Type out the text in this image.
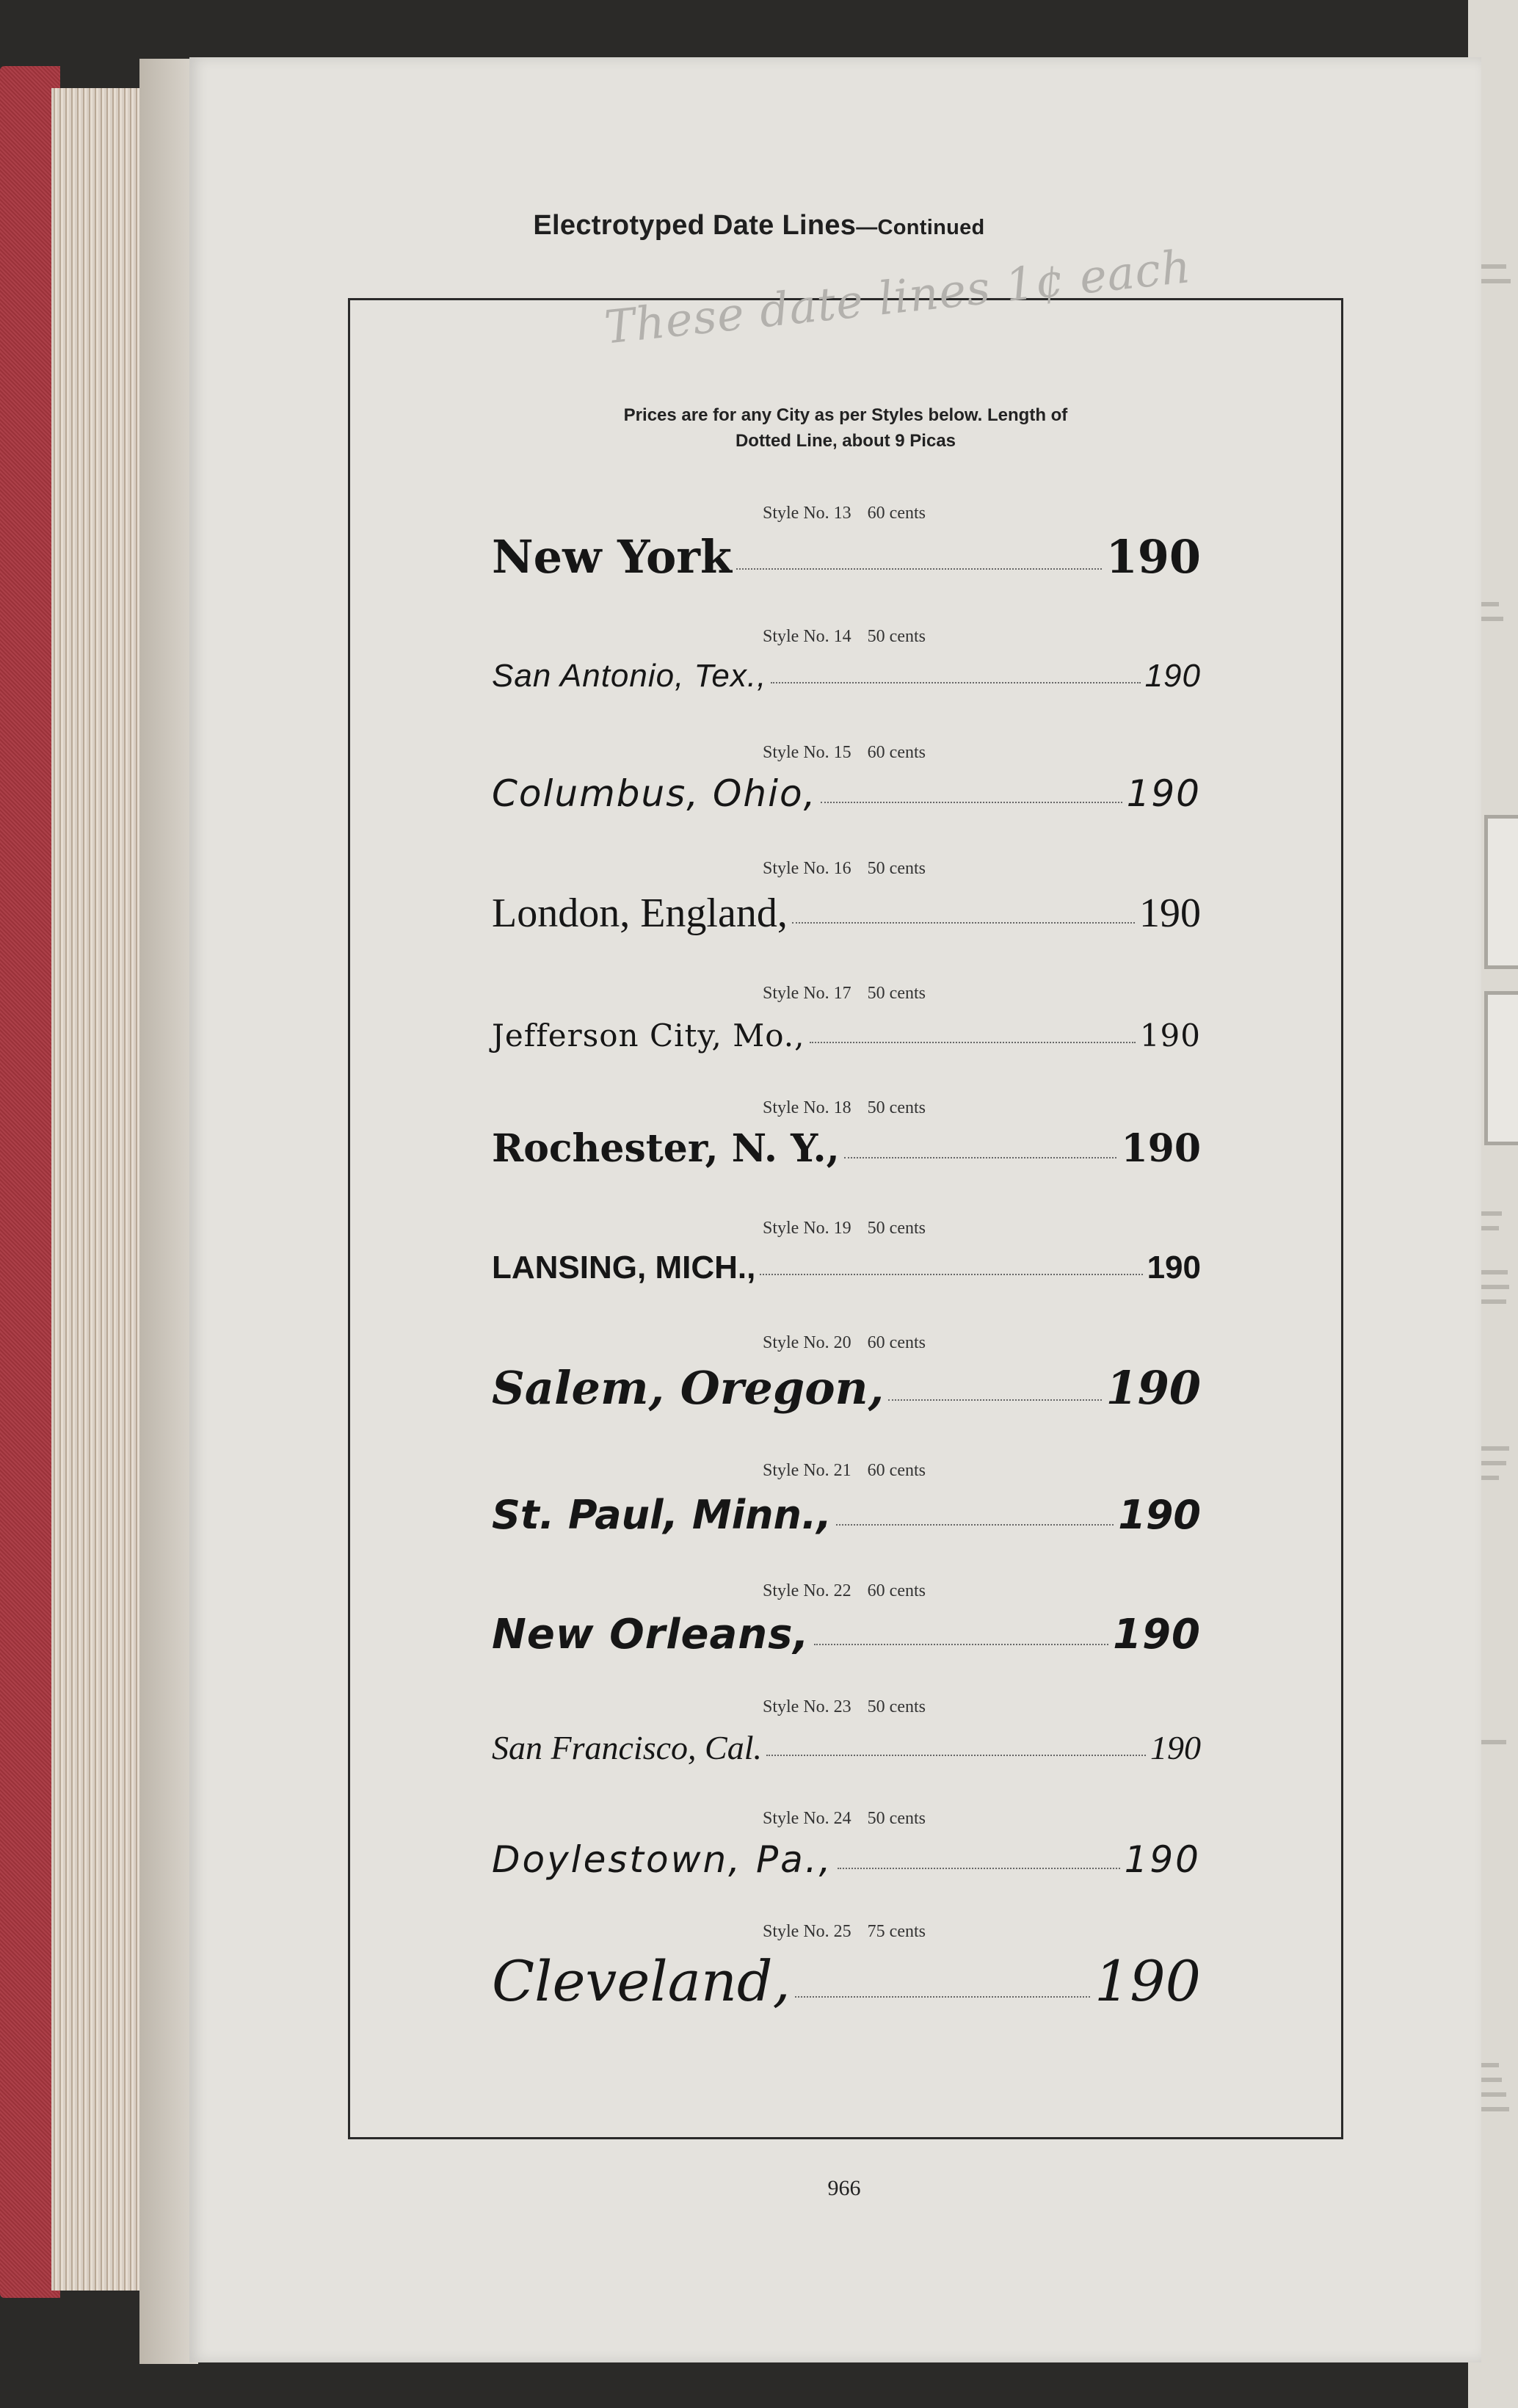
Electrotyped Date Lines—Continued
These date lines 1¢ each
Prices are for any City as per Styles below. Length of
Dotted Line, about 9 Picas
Style No. 13 60 cents
New York	190
Style No. 14 50 cents
San Antonio, Tex.,	190
Style No. 15 60 cents
Columbus, Ohio,	190
Style No. 16 50 cents
London, England,	190
Style No. 17 50 cents
Jefferson City, Mo.,	190
Style No. 18 50 cents
Rochester, N. Y.,	190
Style No. 19 50 cents
LANSING, MICH.,	190
Style No. 20 60 cents
Salem, Oregon,	190
Style No. 21 60 cents
St. Paul, Minn.,	190
Style No. 22 60 cents
New Orleans,	190
Style No. 23 50 cents
San Francisco, Cal.	190
Style No. 24 50 cents
Doylestown, Pa.,	190
Style No. 25 75 cents
Cleveland,	190
966
